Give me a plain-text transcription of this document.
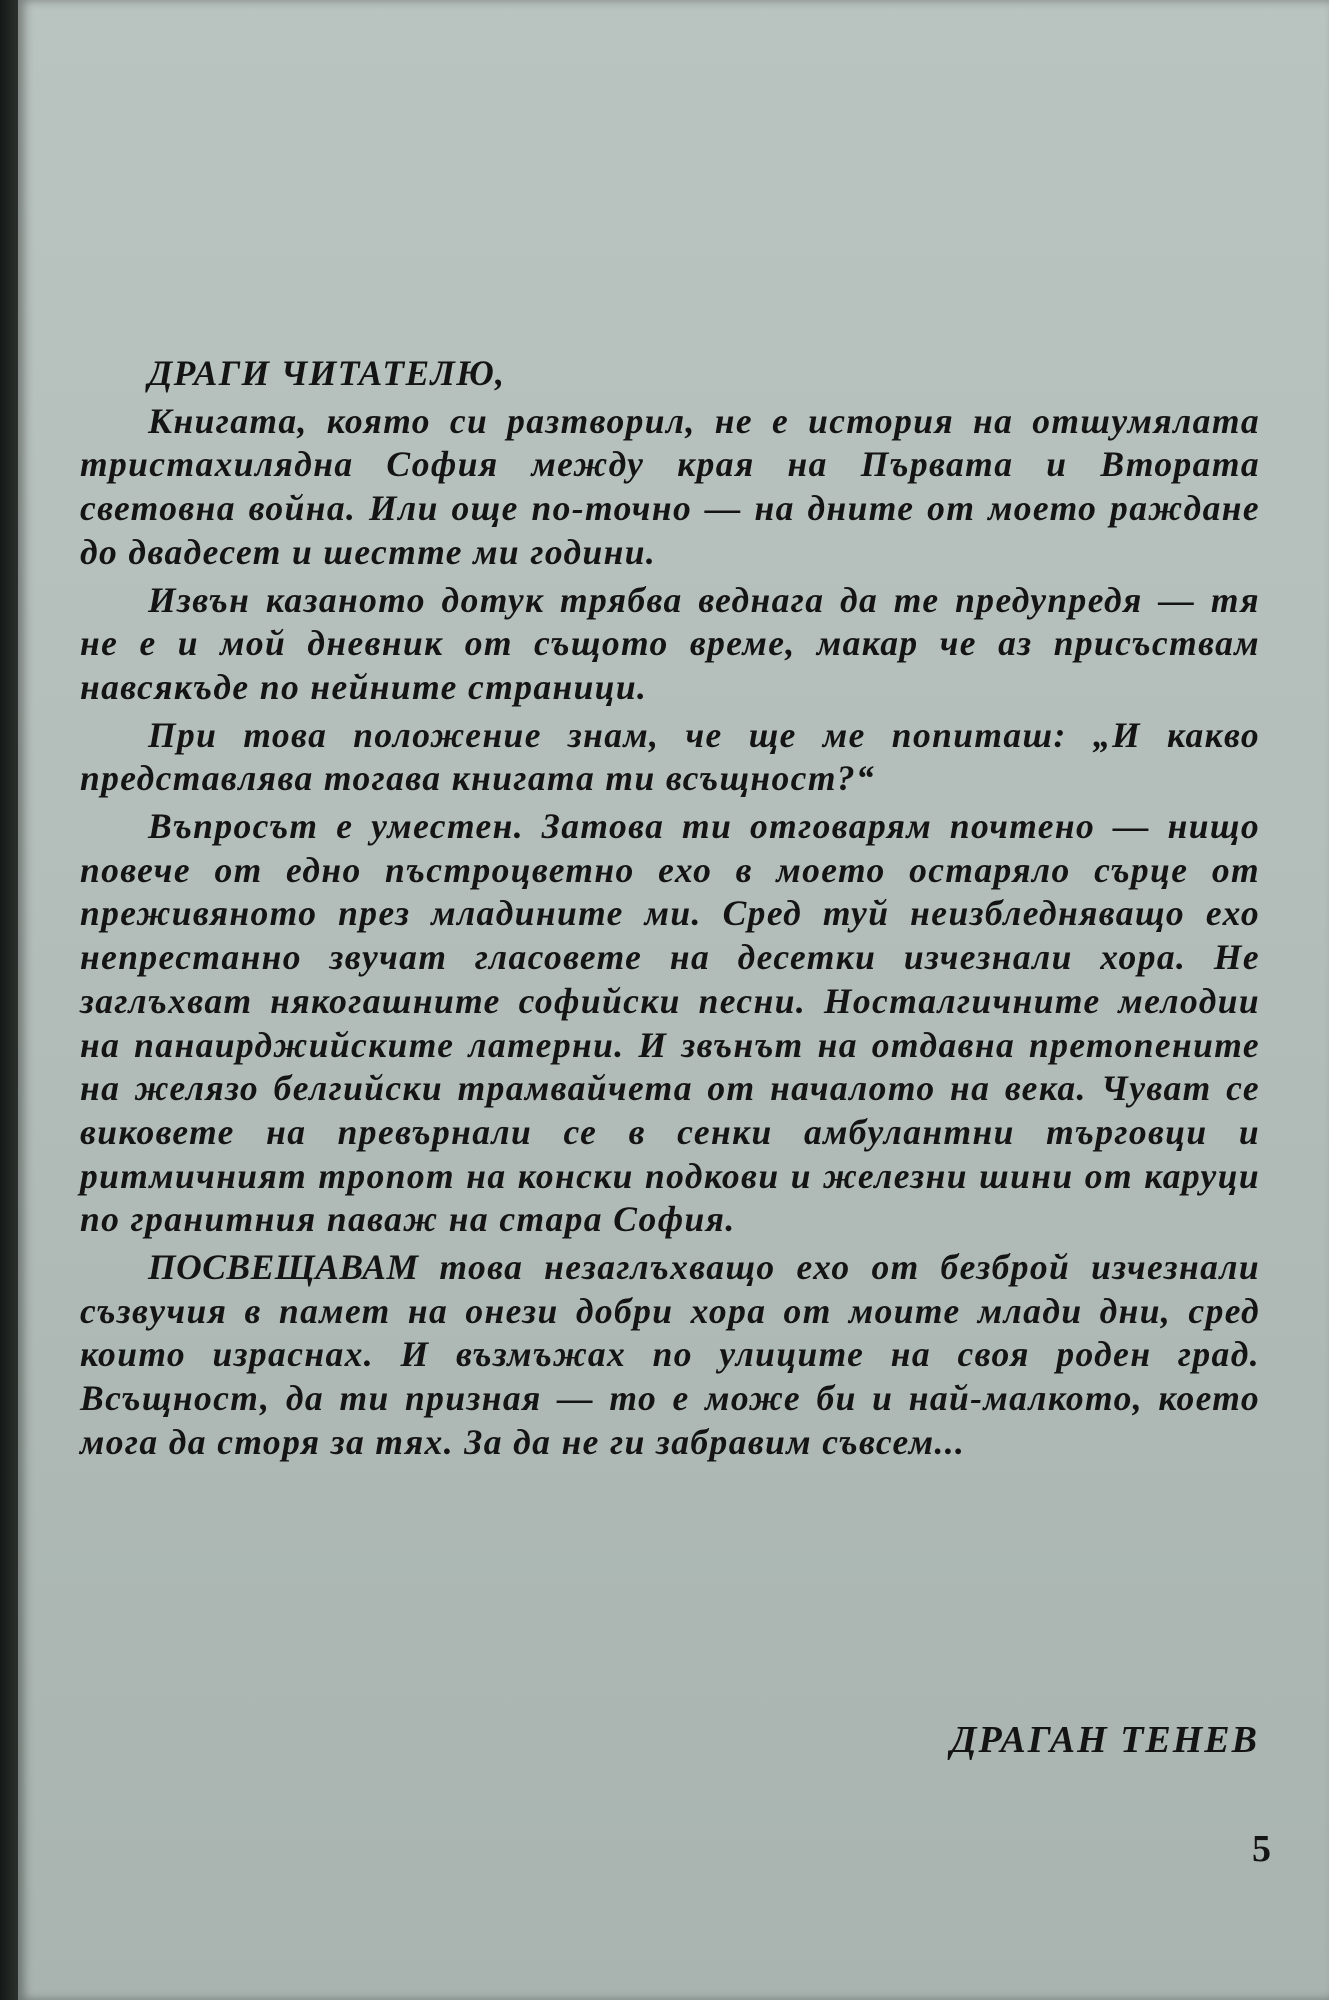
ДРАГИ ЧИТАТЕЛЮ,

Книгата, която си разтворил, не е история на отшумялата тристахилядна София между края на Първата и Втората световна война. Или още по-точно — на дните от моето раждане до двадесет и шестте ми години.

Извън казаното дотук трябва веднага да те предупредя — тя не е и мой дневник от същото време, макар че аз присъствам навсякъде по нейните страници.

При това положение знам, че ще ме попиташ: „И какво представлява тогава книгата ти всъщност?“

Въпросът е уместен. Затова ти отговарям почтено — нищо повече от едно пъстроцветно ехо в моето остаряло сърце от преживяното през младините ми. Сред туй неизбледняващо ехо непрестанно звучат гласовете на десетки изчезнали хора. Не заглъхват някогашните софийски песни. Носталгичните мелодии на панаирджийските латерни. И звънът на отдавна претопените на желязо белгийски трамвайчета от началото на века. Чуват се виковете на превърнали се в сенки амбулантни търговци и ритмичният тропот на конски подкови и железни шини от каруци по гранитния паваж на стара София.

ПОСВЕЩАВАМ това незаглъхващо ехо от безброй изчезнали съзвучия в памет на онези добри хора от моите млади дни, сред които израснах. И възмъжах по улиците на своя роден град. Всъщност, да ти призная — то е може би и най-малкото, което мога да сторя за тях. За да не ги забравим съвсем...

ДРАГАН ТЕНЕВ
5
